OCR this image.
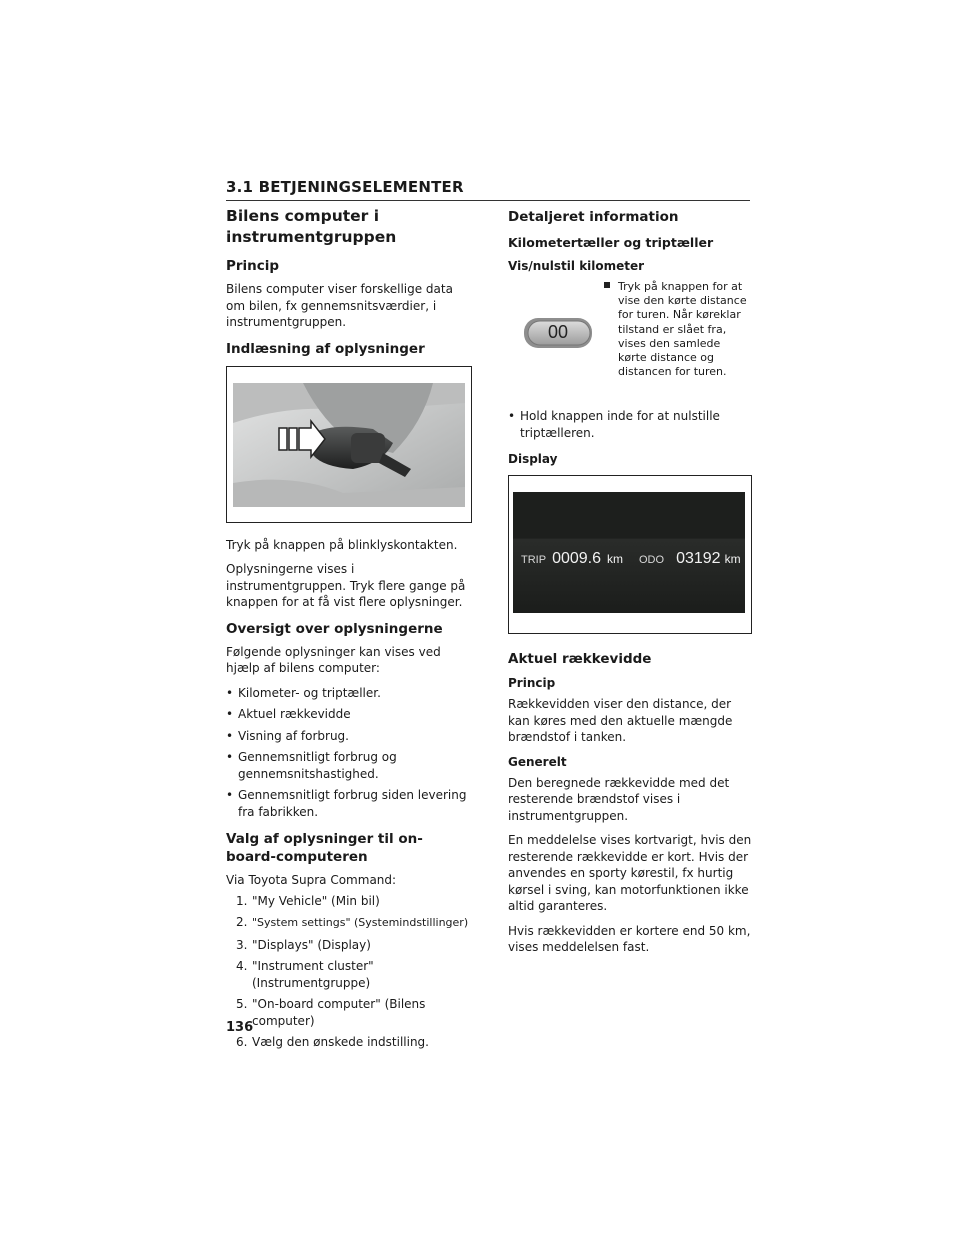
3.1 BETJENINGSELEMENTER
Bilens computer i instrumentgruppen
Princip

Bilens computer viser forskellige data om bilen, fx gennemsnitsværdier, i instrumentgruppen.

Indlæsning af oplysninger

Tryk på knappen på blinklyskontakten.

Oplysningerne vises i instrumentgruppen. Tryk flere gange på knappen for at få vist flere oplysninger.

Oversigt over oplysningerne

Følgende oplysninger kan vises ved hjælp af bilens computer:

• Kilometer- og triptæller.
• Aktuel rækkevidde
• Visning af forbrug.
• Gennemsnitligt forbrug og gennemsnitshastighed.
• Gennemsnitligt forbrug siden levering fra fabrikken.
Valg af oplysninger til on-board-computeren

Via Toyota Supra Command:

1. "My Vehicle" (Min bil)
2. "System settings" (Systemindstillinger)
3. "Displays" (Display)
4. "Instrument cluster" (Instrumentgruppe)
5. "On-board computer" (Bilens computer)
6. Vælg den ønskede indstilling.
Detaljeret information
Kilometertæller og triptæller
Vis/nulstil kilometer
00
Tryk på knappen for at vise den kørte distance for turen. Når køreklar tilstand er slået fra, vises den samlede kørte distance og distancen for turen.
• Hold knappen inde for at nulstille triptælleren.
Display
TRIP 0009.6 km ODO 03192 km
Aktuel rækkevidde
Princip

Rækkevidden viser den distance, der kan køres med den aktuelle mængde brændstof i tanken.

Generelt

Den beregnede rækkevidde med det resterende brændstof vises i instrumentgruppen.

En meddelelse vises kortvarigt, hvis den resterende rækkevidde er kort. Hvis der anvendes en sporty kørestil, fx hurtig kørsel i sving, kan motorfunktionen ikke altid garanteres.

Hvis rækkevidden er kortere end 50 km, vises meddelelsen fast.

136
